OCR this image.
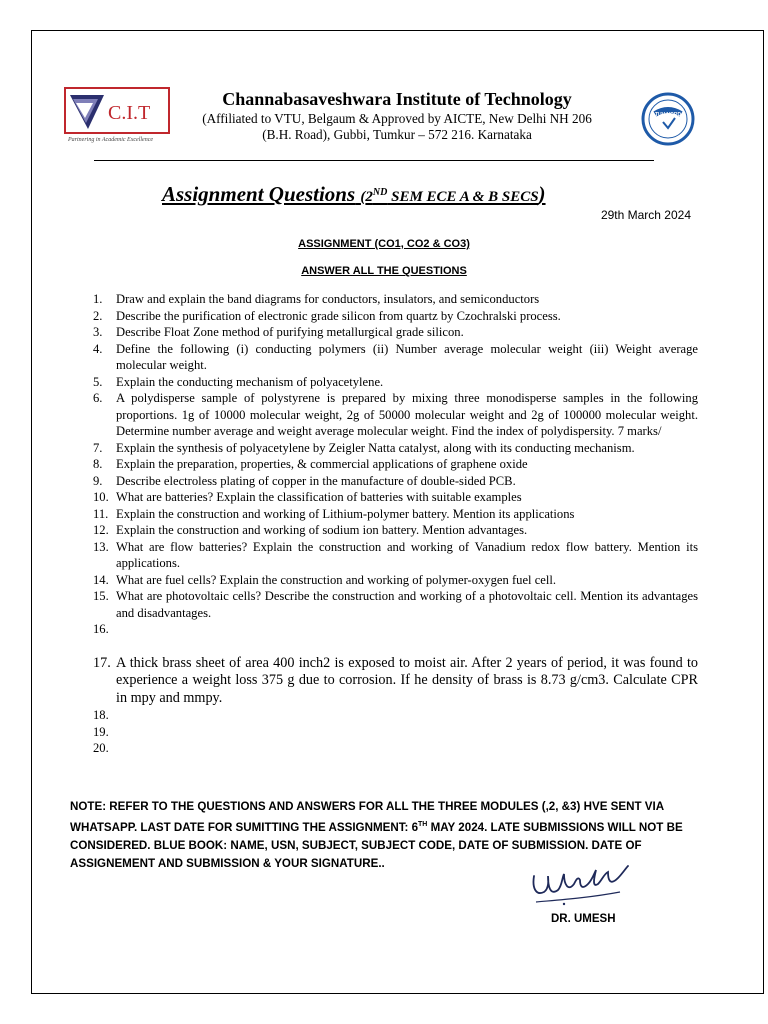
C.I.T
Partnering in Academic Excellence
Channabasaveshwara Institute of Technology
(Affiliated to VTU, Belgaum & Approved by AICTE, New Delhi NH 206
(B.H. Road), Gubbi, Tumkur – 572 216. Karnataka
TUV NORD
Assignment Questions (2ND SEM ECE A & B SECS)
29th March 2024
ASSIGNMENT (CO1, CO2 & CO3)
ANSWER ALL THE QUESTIONS
1.	Draw and explain the band diagrams for conductors, insulators, and semiconductors
2.	Describe the purification of electronic grade silicon from quartz by Czochralski process.
3.	Describe Float Zone method of purifying metallurgical grade silicon.
4.	Define the following (i) conducting polymers (ii) Number average molecular weight (iii) Weight average molecular weight.
5.	Explain the conducting mechanism of polyacetylene.
6.	A polydisperse sample of polystyrene is prepared by mixing three monodisperse samples in the following proportions. 1g of 10000 molecular weight, 2g of 50000 molecular weight and 2g of 100000 molecular weight. Determine number average and weight average molecular weight. Find the index of polydispersity. 7 marks/
7.	Explain the synthesis of polyacetylene by Zeigler Natta catalyst, along with its conducting mechanism.
8.	Explain the preparation, properties, & commercial applications of graphene oxide
9.	Describe electroless plating of copper in the manufacture of double-sided PCB.
10. What are batteries? Explain the classification of batteries with suitable examples
11. Explain the construction and working of Lithium-polymer battery. Mention its applications
12. Explain the construction and working of sodium ion battery. Mention advantages.
13. What are flow batteries? Explain the construction and working of Vanadium redox flow battery. Mention its applications.
14. What are fuel cells? Explain the construction and working of polymer-oxygen fuel cell.
15. What are photovoltaic cells? Describe the construction and working of a photovoltaic cell. Mention its advantages and disadvantages.
16.
17. A thick brass sheet of area 400 inch2 is exposed to moist air. After 2 years of period, it was found to experience a weight loss 375 g due to corrosion. If he density of brass is 8.73 g/cm3. Calculate CPR in mpy and mmpy.
18.
19.
20.
NOTE: REFER TO THE QUESTIONS AND ANSWERS FOR ALL THE THREE MODULES (,2, &3) HVE SENT VIA WHATSAPP. LAST DATE FOR SUMITTING THE ASSIGNMENT: 6TH MAY 2024. LATE SUBMISSIONS WILL NOT BE CONSIDERED. BLUE BOOK: NAME, USN, SUBJECT, SUBJECT CODE, DATE OF SUBMISSION. DATE OF ASSIGNEMENT AND SUBMISSION & YOUR SIGNATURE..
DR. UMESH
